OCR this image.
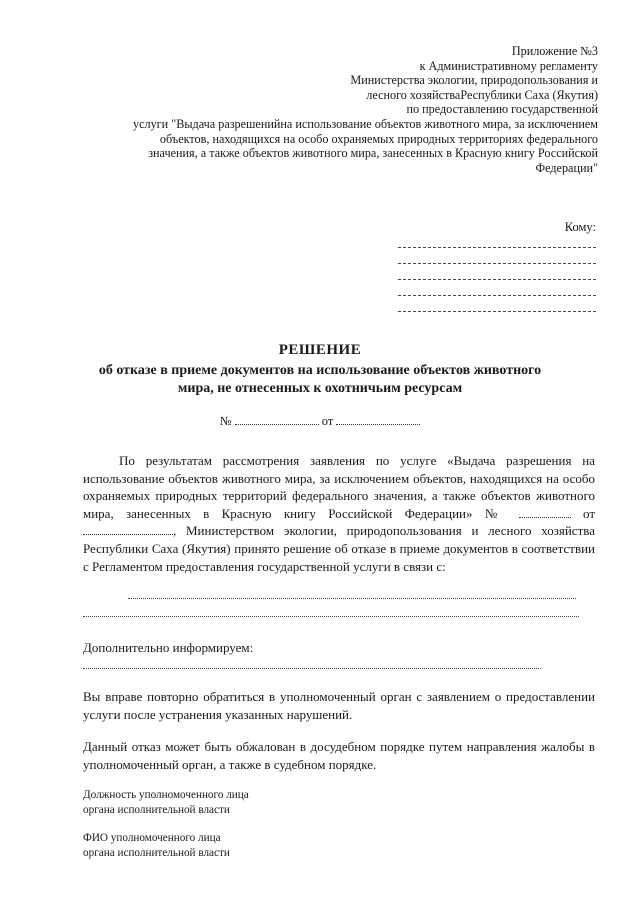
Приложение №3
к Административному регламенту
Министерства экологии, природопользования и
лесного хозяйстваРеспублики Саха (Якутия)
по предоставлению государственной
услуги "Выдача разрешенийна использование объектов животного мира, за исключением
объектов, находящихся на особо охраняемых природных территориях федерального
значения, а также объектов животного мира, занесенных в Красную книгу Российской
Федерации"
Кому:
РЕШЕНИЕ
об отказе в приеме документов на использование объектов животного
мира, не отнесенных к охотничьим ресурсам
№	от
По результатам рассмотрения заявления по услуге «Выдача разрешения на использование объектов животного мира, за исключением объектов, находящихся на особо охраняемых природных территорий федерального значения, а также объектов животного мира, занесенных в Красную книгу Российской Федерации» №	от , Министерством экологии, природопользования и лесного хозяйства Республики Саха (Якутия) принято решение об отказе в приеме документов в соответствии с Регламентом предоставления государственной услуги в связи с:
Дополнительно информируем:
Вы вправе повторно обратиться в уполномоченный орган с заявлением о предоставлении услуги после устранения указанных нарушений.
Данный отказ может быть обжалован в досудебном порядке путем направления жалобы в уполномоченный орган, а также в судебном порядке.
Должность уполномоченного лица
органа исполнительной власти
ФИО уполномоченного лица
органа исполнительной власти
